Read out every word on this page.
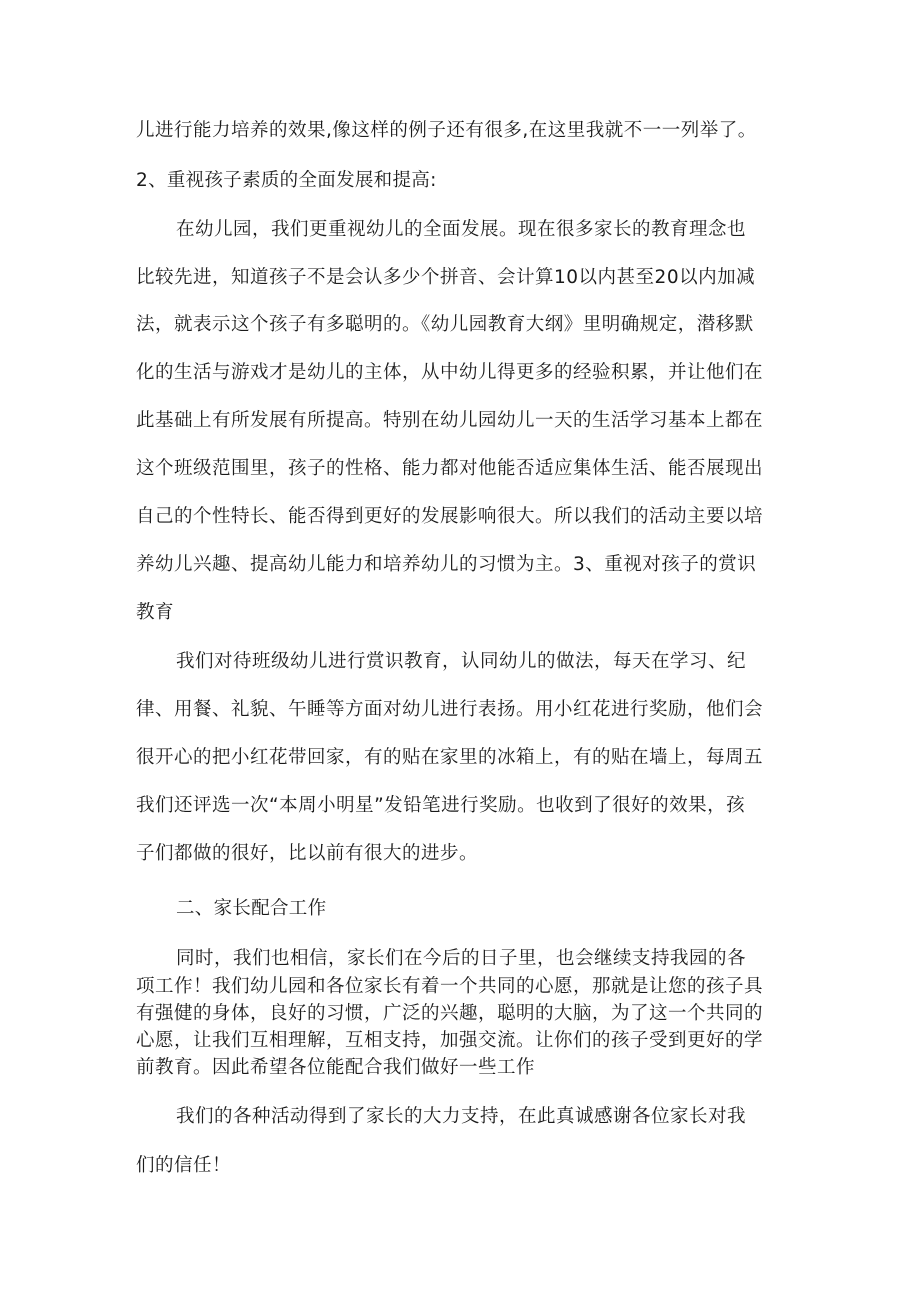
儿进行能力培养的效果,像这样的例子还有很多,在这里我就不一一列举了。
2、重视孩子素质的全面发展和提高:
在幼儿园，我们更重视幼儿的全面发展。现在很多家长的教育理念也
比较先进，知道孩子不是会认多少个拼音、会计算10以内甚至20以内加减
法，就表示这个孩子有多聪明的。《幼儿园教育大纲》里明确规定，潜移默
化的生活与游戏才是幼儿的主体，从中幼儿得更多的经验积累，并让他们在
此基础上有所发展有所提高。特别在幼儿园幼儿一天的生活学习基本上都在
这个班级范围里，孩子的性格、能力都对他能否适应集体生活、能否展现出
自己的个性特长、能否得到更好的发展影响很大。所以我们的活动主要以培
养幼儿兴趣、提高幼儿能力和培养幼儿的习惯为主。3、重视对孩子的赏识
教育
我们对待班级幼儿进行赏识教育，认同幼儿的做法，每天在学习、纪
律、用餐、礼貌、午睡等方面对幼儿进行表扬。用小红花进行奖励，他们会
很开心的把小红花带回家，有的贴在家里的冰箱上，有的贴在墙上，每周五
我们还评选一次“本周小明星”发铅笔进行奖励。也收到了很好的效果，孩
子们都做的很好，比以前有很大的进步。
二、家长配合工作
同时，我们也相信，家长们在今后的日子里，也会继续支持我园的各
项工作！我们幼儿园和各位家长有着一个共同的心愿，那就是让您的孩子具
有强健的身体，良好的习惯，广泛的兴趣，聪明的大脑，为了这一个共同的
心愿，让我们互相理解，互相支持，加强交流。让你们的孩子受到更好的学
前教育。因此希望各位能配合我们做好一些工作
我们的各种活动得到了家长的大力支持，在此真诚感谢各位家长对我
们的信任！
